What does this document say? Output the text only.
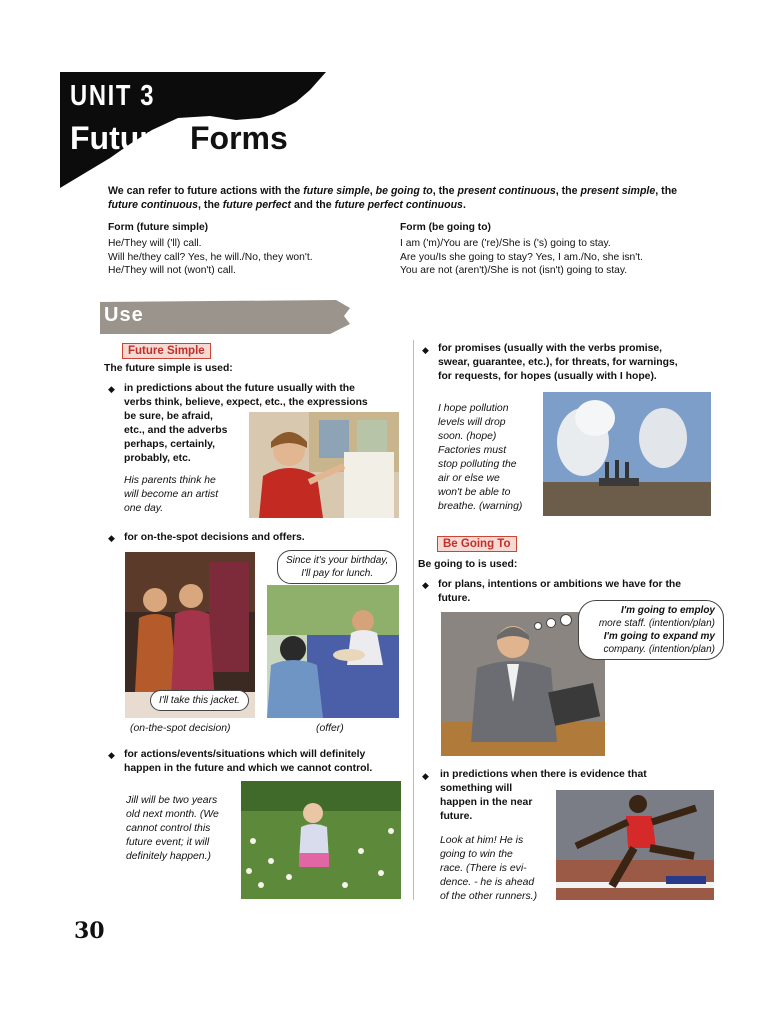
UNIT 3
Future Forms
We can refer to future actions with the future simple, be going to, the present continuous, the present simple, the future continuous, the future perfect and the future perfect continuous.
Form (future simple)
He/They will ('ll) call.
Will he/they call? Yes, he will./No, they won't.
He/They will not (won't) call.
Form (be going to)
I am ('m)/You are ('re)/She is ('s) going to stay.
Are you/Is she going to stay? Yes, I am./No, she isn't.
You are not (aren't)/She is not (isn't) going to stay.
Use
Future Simple
The future simple is used:
◆ in predictions about the future usually with the
verbs think, believe, expect, etc., the expressions
be sure, be afraid,
etc., and the adverbs
perhaps, certainly,
probably, etc.
His parents think he
will become an artist
one day.
◆ for on-the-spot decisions and offers.
I'll take this jacket.
Since it's your birthday,
I'll pay for lunch.
(on-the-spot decision)	(offer)
◆ for actions/events/situations which will definitely
happen in the future and which we cannot control.
Jill will be two years
old next month. (We
cannot control this
future event; it will
definitely happen.)
◆ for promises (usually with the verbs promise,
swear, guarantee, etc.), for threats, for warnings,
for requests, for hopes (usually with I hope).
I hope pollution
levels will drop
soon. (hope)
Factories must
stop polluting the
air or else we
won't be able to
breathe. (warning)
Be Going To
Be going to is used:
◆ for plans, intentions or ambitions we have for the
future.
I'm going to employ
more staff. (intention/plan)
I'm going to expand my
company. (intention/plan)
◆ in predictions when there is evidence that
something will
happen in the near
future.
Look at him! He is
going to win the
race. (There is evi-
dence. - he is ahead
of the other runners.)
30
